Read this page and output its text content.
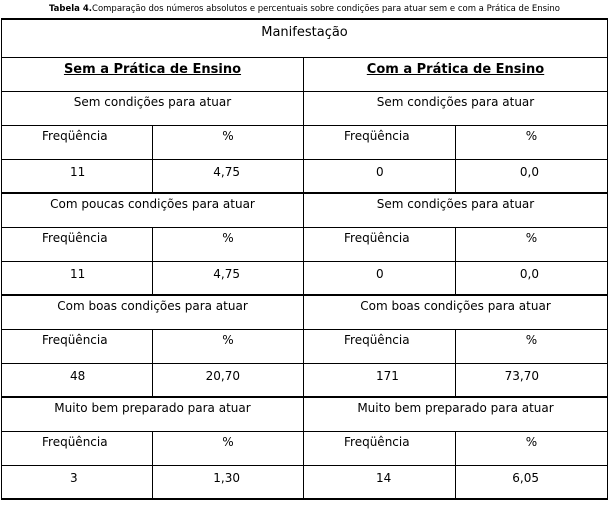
Tabela 4.Comparação dos números absolutos e percentuais sobre condições para atuar sem e com a Prática de Ensino
Manifestação			
Sem a Prática de Ensino		Com a Prática de Ensino	
Sem condições para atuar		Sem condições para atuar	
Freqüência	%	Freqüência	%
11	4,75	0	0,0
Com poucas condições para atuar		Sem condições para atuar	
Freqüência	%	Freqüência	%
11	4,75	0	0,0
Com boas condições para atuar		Com boas condições para atuar	
Freqüência	%	Freqüência	%
48	20,70	171	73,70
Muito bem preparado para atuar		Muito bem preparado para atuar	
Freqüência	%	Freqüência	%
3	1,30	14	6,05
